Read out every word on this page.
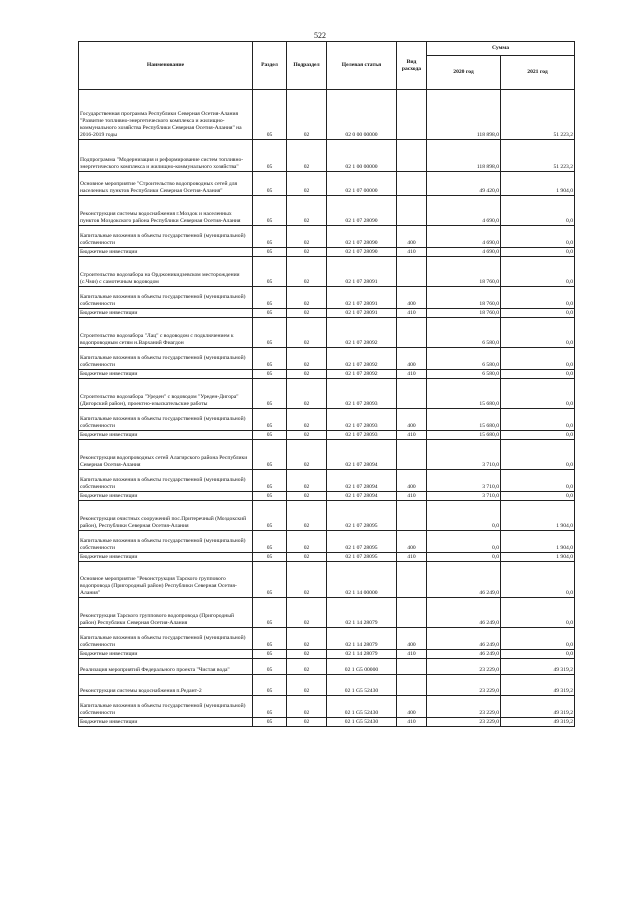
522
Наименование	Раздел	Подраздел	Целевая статья	Вид расхода	Сумма	
					2020 год	2021 год
Государственная программа Республики Северная Осетия-Алания "Развитие топливно-энергетического комплекса и жилищно-коммунального хозяйства Республики Северная Осетия-Алания" на 2016-2019 годы	05	02	02 0 00 00000		118 898,0	51 223,2
Подпрограмма "Модернизация и реформирование систем топливно-энергетического комплекса и жилищно-коммунального хозяйства"	05	02	02 1 00 00000		118 898,0	51 223,2
Основное мероприятие "Строительство водопроводных сетей для населенных пунктов Республики Северная Осетия-Алания"	05	02	02 1 07 00000		49 420,0	1 904,0
Реконструкция системы водоснабжения г.Моздок и населенных пунктов Моздокского района Республики Северная Осетия-Алания	05	02	02 1 07 28090		4 690,0	0,0
Капитальные вложения в объекты государственной (муниципальной) собственности	05	02	02 1 07 28090	400	4 690,0	0,0
Бюджетные инвестиции	05	02	02 1 07 28090	410	4 690,0	0,0
Строительство водозабора на Орджоникидзевском месторождении (с.Чми) с самотечным водоводом	05	02	02 1 07 28091		18 760,0	0,0
Капитальные вложения в объекты государственной (муниципальной) собственности	05	02	02 1 07 28091	400	18 760,0	0,0
Бюджетные инвестиции	05	02	02 1 07 28091	410	18 760,0	0,0
Строительство водозабора "Лац" с водоводом с подключением к водопроводным сетям н.Варханий Фиагдон	05	02	02 1 07 28092		6 580,0	0,0
Капитальные вложения в объекты государственной (муниципальной) собственности	05	02	02 1 07 28092	400	6 580,0	0,0
Бюджетные инвестиции	05	02	02 1 07 28092	410	6 580,0	0,0
Строительство водозабора "Уреден" с водоводом "Уреден-Дигора"(Дигорский район), проектно-изыскательские работы	05	02	02 1 07 28093		15 680,0	0,0
Капитальные вложения в объекты государственной (муниципальной) собственности	05	02	02 1 07 28093	400	15 680,0	0,0
Бюджетные инвестиции	05	02	02 1 07 28093	410	15 680,0	0,0
Реконструкция водопроводных сетей Алагирского района Республики Северная Осетия-Алания	05	02	02 1 07 28094		3 710,0	0,0
Капитальные вложения в объекты государственной (муниципальной) собственности	05	02	02 1 07 28094	400	3 710,0	0,0
Бюджетные инвестиции	05	02	02 1 07 28094	410	3 710,0	0,0
Реконструкция очистных сооружений пос.Притеречный (Моздокский район), Республики Северная Осетия-Алания	05	02	02 1 07 28095		0,0	1 904,0
Капитальные вложения в объекты государственной (муниципальной) собственности	05	02	02 1 07 28095	400	0,0	1 904,0
Бюджетные инвестиции	05	02	02 1 07 28095	410	0,0	1 904,0
Основное мероприятие "Реконструкция Тарского группового водопровода (Пригородный район) Республики Северная Осетия-Алания"	05	02	02 1 14 00000		46 249,0	0,0
Реконструкция Тарского группового водопровода (Пригородный район) Республики Северная Осетия-Алания	05	02	02 1 14 28079		46 249,0	0,0
Капитальные вложения в объекты государственной (муниципальной) собственности	05	02	02 1 14 28079	400	46 249,0	0,0
Бюджетные инвестиции	05	02	02 1 14 28079	410	46 249,0	0,0
Реализация мероприятий Федерального проекта "Чистая вода"	05	02	02 1 G5 00000		23 229,0	49 319,2
Реконструкция системы водоснабжения п.Редант-2	05	02	02 1 G5 52430		23 229,0	49 319,2
Капитальные вложения в объекты государственной (муниципальной) собственности	05	02	02 1 G5 52430	400	23 229,0	49 319,2
Бюджетные инвестиции	05	02	02 1 G5 52430	410	23 229,0	49 319,2
